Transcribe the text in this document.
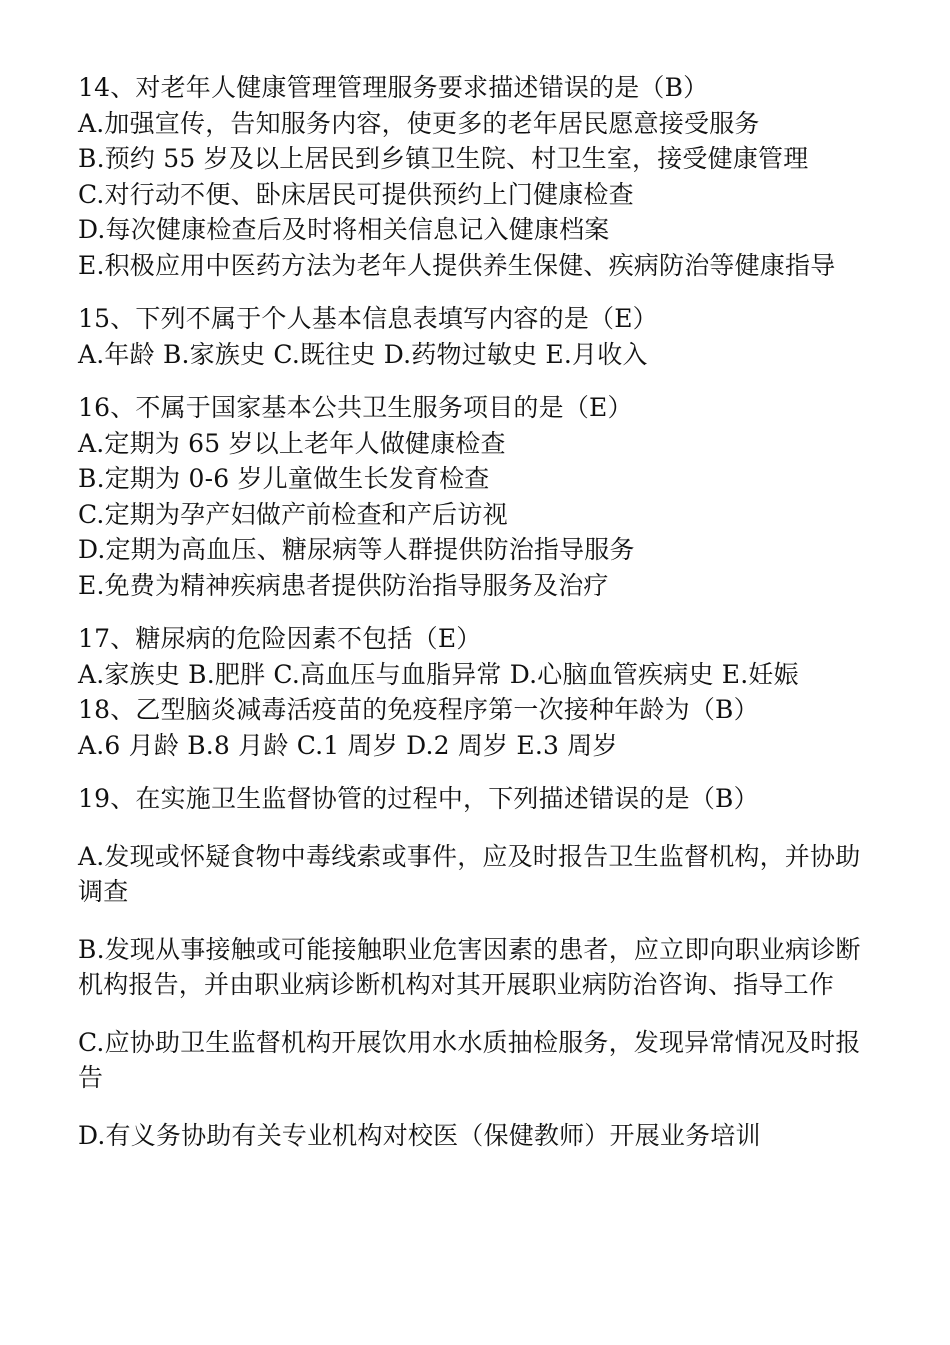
14、对老年人健康管理管理服务要求描述错误的是（B）
A.加强宣传，告知服务内容，使更多的老年居民愿意接受服务
B.预约 55 岁及以上居民到乡镇卫生院、村卫生室，接受健康管理
C.对行动不便、卧床居民可提供预约上门健康检查
D.每次健康检查后及时将相关信息记入健康档案
E.积极应用中医药方法为老年人提供养生保健、疾病防治等健康指导
15、下列不属于个人基本信息表填写内容的是（E）
A.年龄 B.家族史 C.既往史 D.药物过敏史 E.月收入
16、不属于国家基本公共卫生服务项目的是（E）
A.定期为 65 岁以上老年人做健康检查
B.定期为 0-6 岁儿童做生长发育检查
C.定期为孕产妇做产前检查和产后访视
D.定期为高血压、糖尿病等人群提供防治指导服务
E.免费为精神疾病患者提供防治指导服务及治疗
17、糖尿病的危险因素不包括（E）
A.家族史 B.肥胖 C.高血压与血脂异常 D.心脑血管疾病史 E.妊娠
18、乙型脑炎减毒活疫苗的免疫程序第一次接种年龄为（B）
A.6 月龄 B.8 月龄 C.1 周岁 D.2 周岁 E.3 周岁
19、在实施卫生监督协管的过程中，下列描述错误的是（B）
A.发现或怀疑食物中毒线索或事件，应及时报告卫生监督机构，并协助调查
B.发现从事接触或可能接触职业危害因素的患者，应立即向职业病诊断机构报告，并由职业病诊断机构对其开展职业病防治咨询、指导工作
C.应协助卫生监督机构开展饮用水水质抽检服务，发现异常情况及时报告
D.有义务协助有关专业机构对校医（保健教师）开展业务培训
